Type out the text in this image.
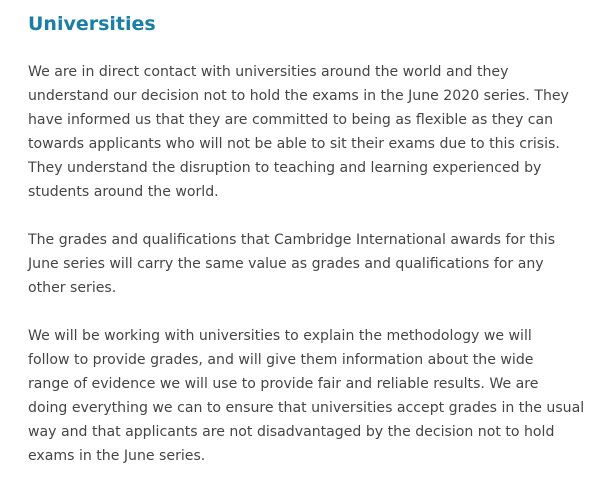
Universities

We are in direct contact with universities around the world and they
understand our decision not to hold the exams in the June 2020 series. They
have informed us that they are committed to being as flexible as they can
towards applicants who will not be able to sit their exams due to this crisis.
They understand the disruption to teaching and learning experienced by
students around the world.

The grades and qualifications that Cambridge International awards for this
June series will carry the same value as grades and qualifications for any
other series.

We will be working with universities to explain the methodology we will
follow to provide grades, and will give them information about the wide
range of evidence we will use to provide fair and reliable results. We are
doing everything we can to ensure that universities accept grades in the usual
way and that applicants are not disadvantaged by the decision not to hold
exams in the June series.
